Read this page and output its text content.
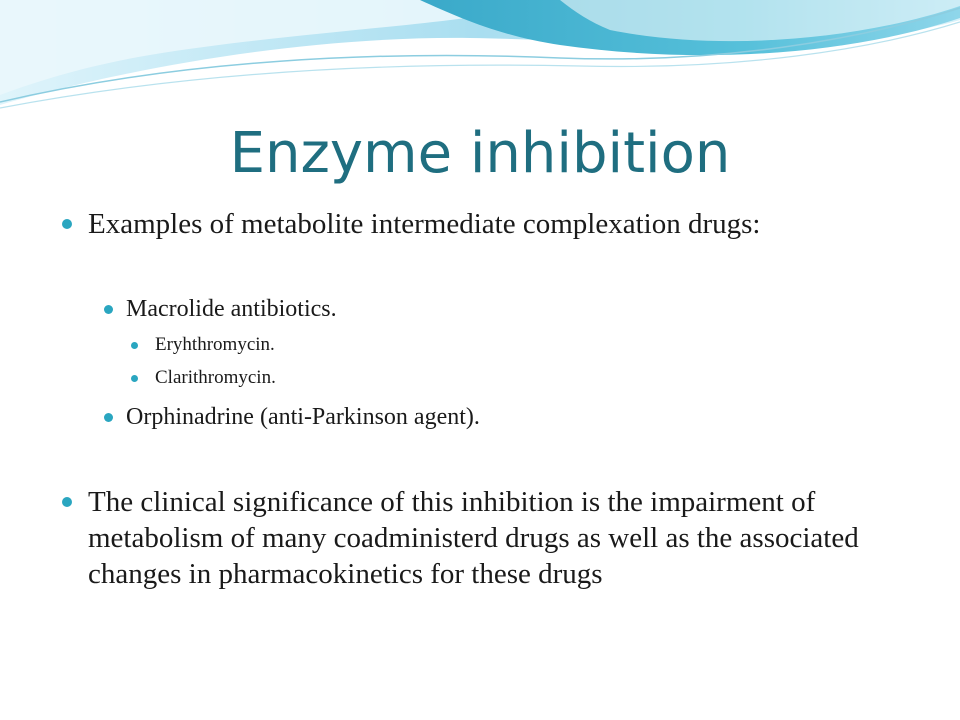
Enzyme inhibition
Examples of metabolite intermediate complexation drugs:
Macrolide antibiotics.
Eryhthromycin.
Clarithromycin.
Orphinadrine (anti-Parkinson agent).
The clinical significance of this inhibition is the impairment of metabolism of many coadministerd drugs as well as the associated changes in pharmacokinetics for these drugs
